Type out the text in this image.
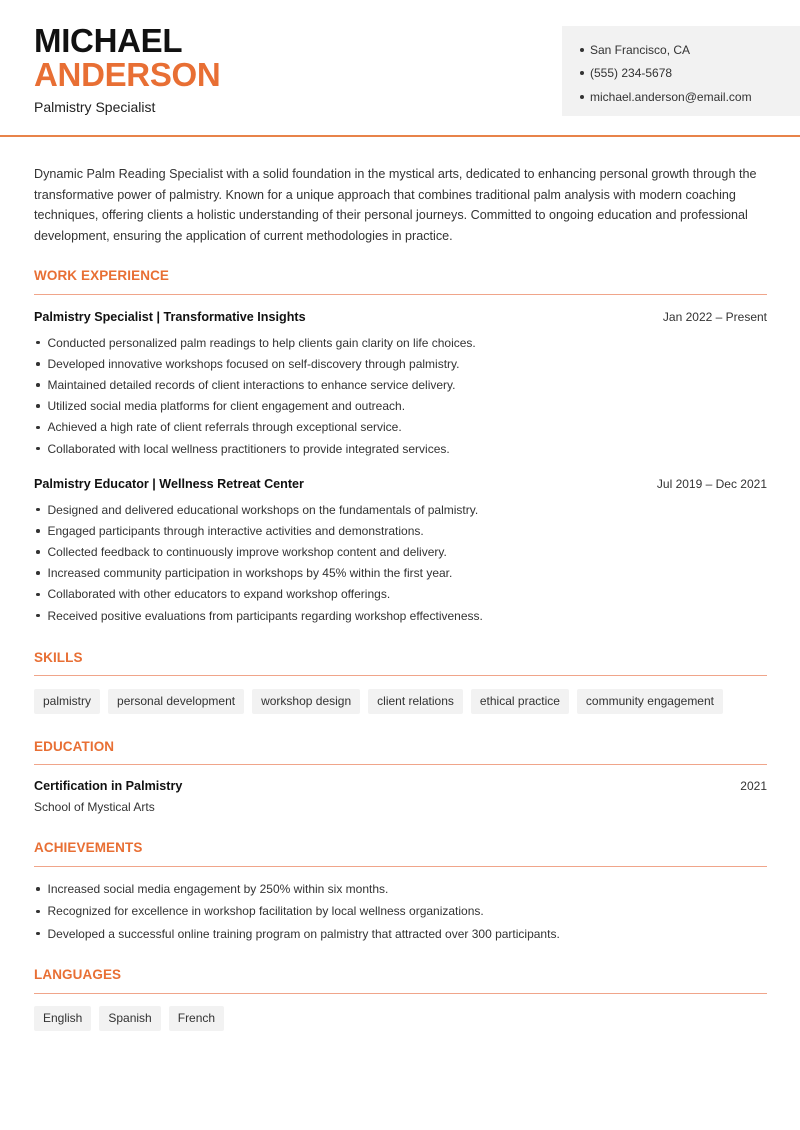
MICHAEL
ANDERSON
Palmistry Specialist
San Francisco, CA
(555) 234-5678
michael.anderson@email.com

Dynamic Palm Reading Specialist with a solid foundation in the mystical arts, dedicated to enhancing personal growth through the transformative power of palmistry. Known for a unique approach that combines traditional palm analysis with modern coaching techniques, offering clients a holistic understanding of their personal journeys. Committed to ongoing education and professional development, ensuring the application of current methodologies in practice.

WORK EXPERIENCE
Palmistry Specialist | Transformative Insights	Jan 2022 – Present
Conducted personalized palm readings to help clients gain clarity on life choices.
Developed innovative workshops focused on self-discovery through palmistry.
Maintained detailed records of client interactions to enhance service delivery.
Utilized social media platforms for client engagement and outreach.
Achieved a high rate of client referrals through exceptional service.
Collaborated with local wellness practitioners to provide integrated services.
Palmistry Educator | Wellness Retreat Center	Jul 2019 – Dec 2021
Designed and delivered educational workshops on the fundamentals of palmistry.
Engaged participants through interactive activities and demonstrations.
Collected feedback to continuously improve workshop content and delivery.
Increased community participation in workshops by 45% within the first year.
Collaborated with other educators to expand workshop offerings.
Received positive evaluations from participants regarding workshop effectiveness.
SKILLS
palmistry	personal development	workshop design	client relations	ethical practice	community engagement
EDUCATION
Certification in Palmistry	2021
School of Mystical Arts
ACHIEVEMENTS
Increased social media engagement by 250% within six months.
Recognized for excellence in workshop facilitation by local wellness organizations.
Developed a successful online training program on palmistry that attracted over 300 participants.
LANGUAGES
English	Spanish	French
